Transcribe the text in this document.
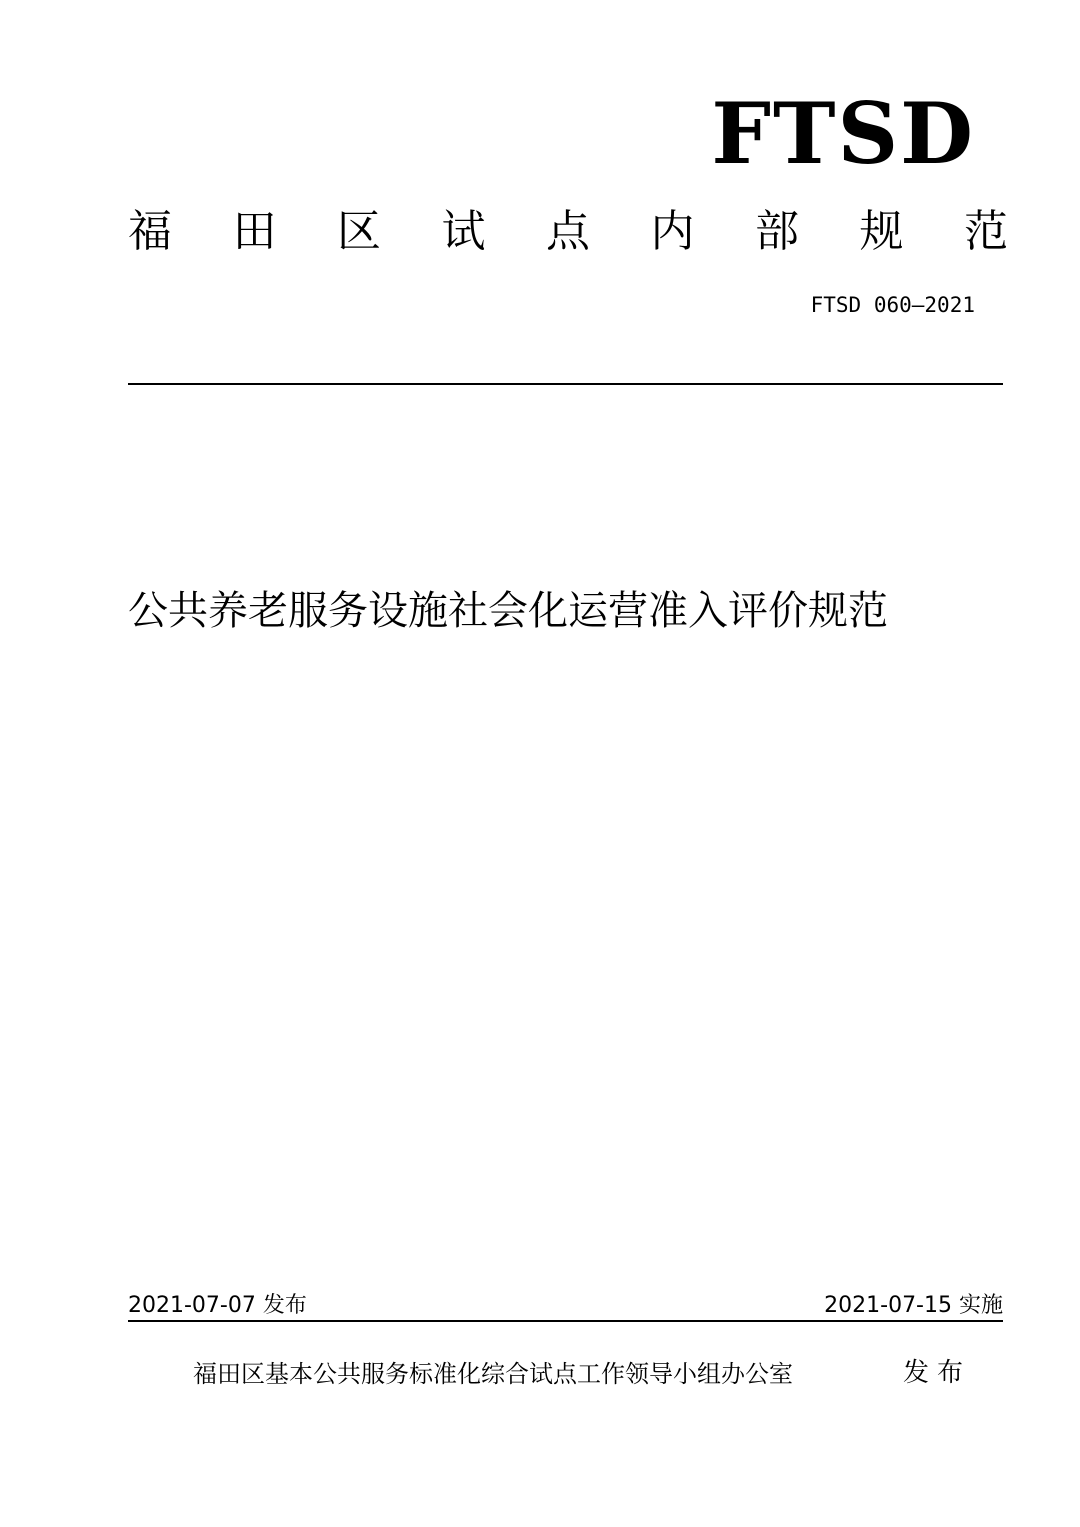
FTSD
福 田 区 试 点 内 部 规 范
FTSD 060—2021
公共养老服务设施社会化运营准入评价规范
2021-07-07 发布	2021-07-15 实施
福田区基本公共服务标准化综合试点工作领导小组办公室	发布
